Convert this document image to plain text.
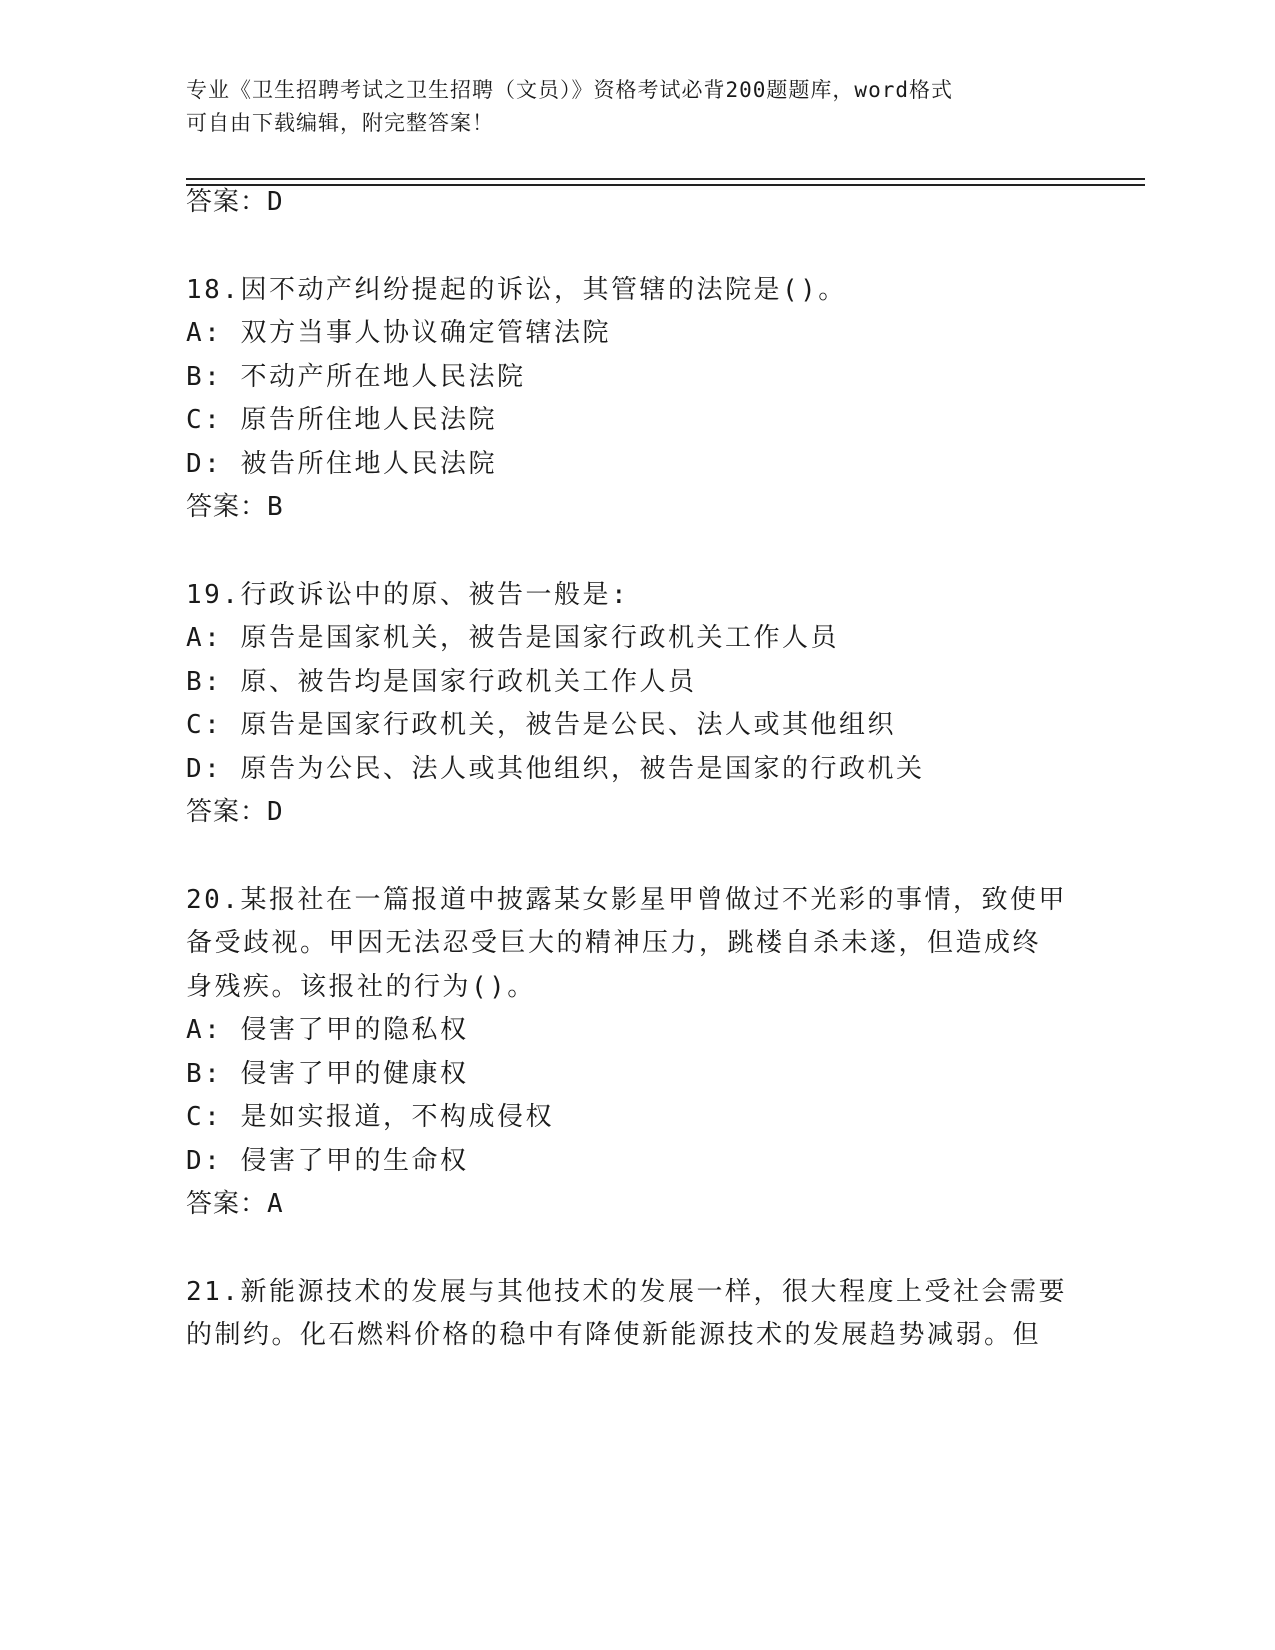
专业《卫生招聘考试之卫生招聘（文员）》资格考试必背200题题库，word格式
可自由下载编辑，附完整答案！
答案：D
18.因不动产纠纷提起的诉讼，其管辖的法院是()。
A: 双方当事人协议确定管辖法院
B: 不动产所在地人民法院
C: 原告所住地人民法院
D: 被告所住地人民法院
答案：B
19.行政诉讼中的原、被告一般是:
A: 原告是国家机关，被告是国家行政机关工作人员
B: 原、被告均是国家行政机关工作人员
C: 原告是国家行政机关，被告是公民、法人或其他组织
D: 原告为公民、法人或其他组织，被告是国家的行政机关
答案：D
20.某报社在一篇报道中披露某女影星甲曾做过不光彩的事情，致使甲
备受歧视。甲因无法忍受巨大的精神压力，跳楼自杀未遂，但造成终
身残疾。该报社的行为()。
A: 侵害了甲的隐私权
B: 侵害了甲的健康权
C: 是如实报道，不构成侵权
D: 侵害了甲的生命权
答案：A
21.新能源技术的发展与其他技术的发展一样，很大程度上受社会需要
的制约。化石燃料价格的稳中有降使新能源技术的发展趋势减弱。但
